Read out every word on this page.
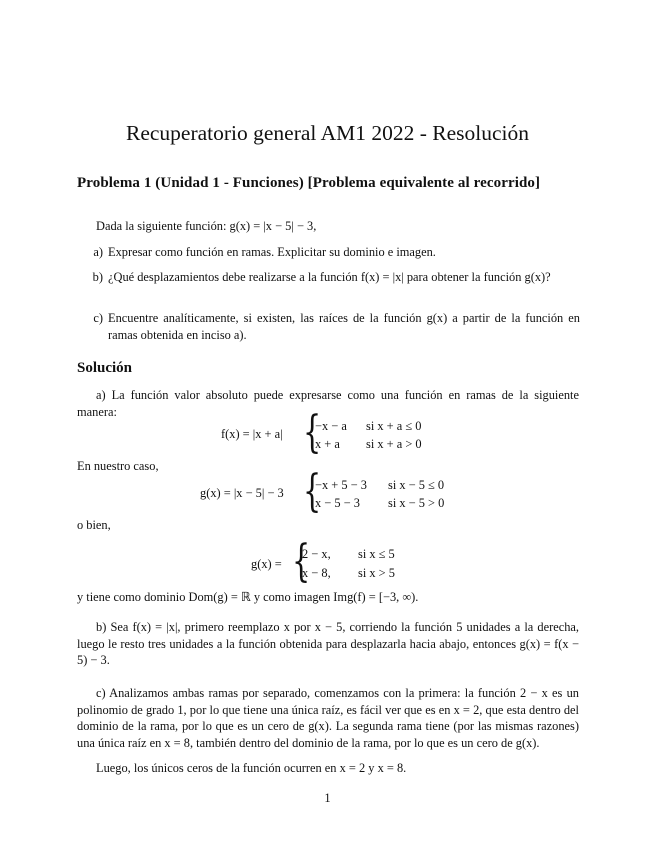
Recuperatorio general AM1 2022 - Resolución
Problema 1 (Unidad 1 - Funciones) [Problema equivalente al recorrido]
Dada la siguiente función: g(x) = |x − 5| − 3,
a) Expresar como función en ramas. Explicitar su dominio e imagen.
b) ¿Qué desplazamientos debe realizarse a la función f(x) = |x| para obtener la función g(x)?
c) Encuentre analíticamente, si existen, las raíces de la función g(x) a partir de la función en ramas obtenida en inciso a).
Solución
a) La función valor absoluto puede expresarse como una función en ramas de la siguiente manera:
f(x) = |x + a| {
−x − a si x + a ≤ 0
x + a si x + a > 0
En nuestro caso,
g(x) = |x − 5| − 3 {
−x + 5 − 3 si x − 5 ≤ 0
x − 5 − 3 si x − 5 > 0
o bien,
g(x) = {
2 − x, si x ≤ 5
x − 8, si x > 5
y tiene como dominio Dom(g) = ℝ y como imagen Img(f) = [−3, ∞).
b) Sea f(x) = |x|, primero reemplazo x por x − 5, corriendo la función 5 unidades a la derecha, luego le resto tres unidades a la función obtenida para desplazarla hacia abajo, entonces g(x) = f(x − 5) − 3.
c) Analizamos ambas ramas por separado, comenzamos con la primera: la función 2 − x es un polinomio de grado 1, por lo que tiene una única raíz, es fácil ver que es en x = 2, que esta dentro del dominio de la rama, por lo que es un cero de g(x). La segunda rama tiene (por las mismas razones) una única raíz en x = 8, también dentro del dominio de la rama, por lo que es un cero de g(x).
Luego, los únicos ceros de la función ocurren en x = 2 y x = 8.
1
